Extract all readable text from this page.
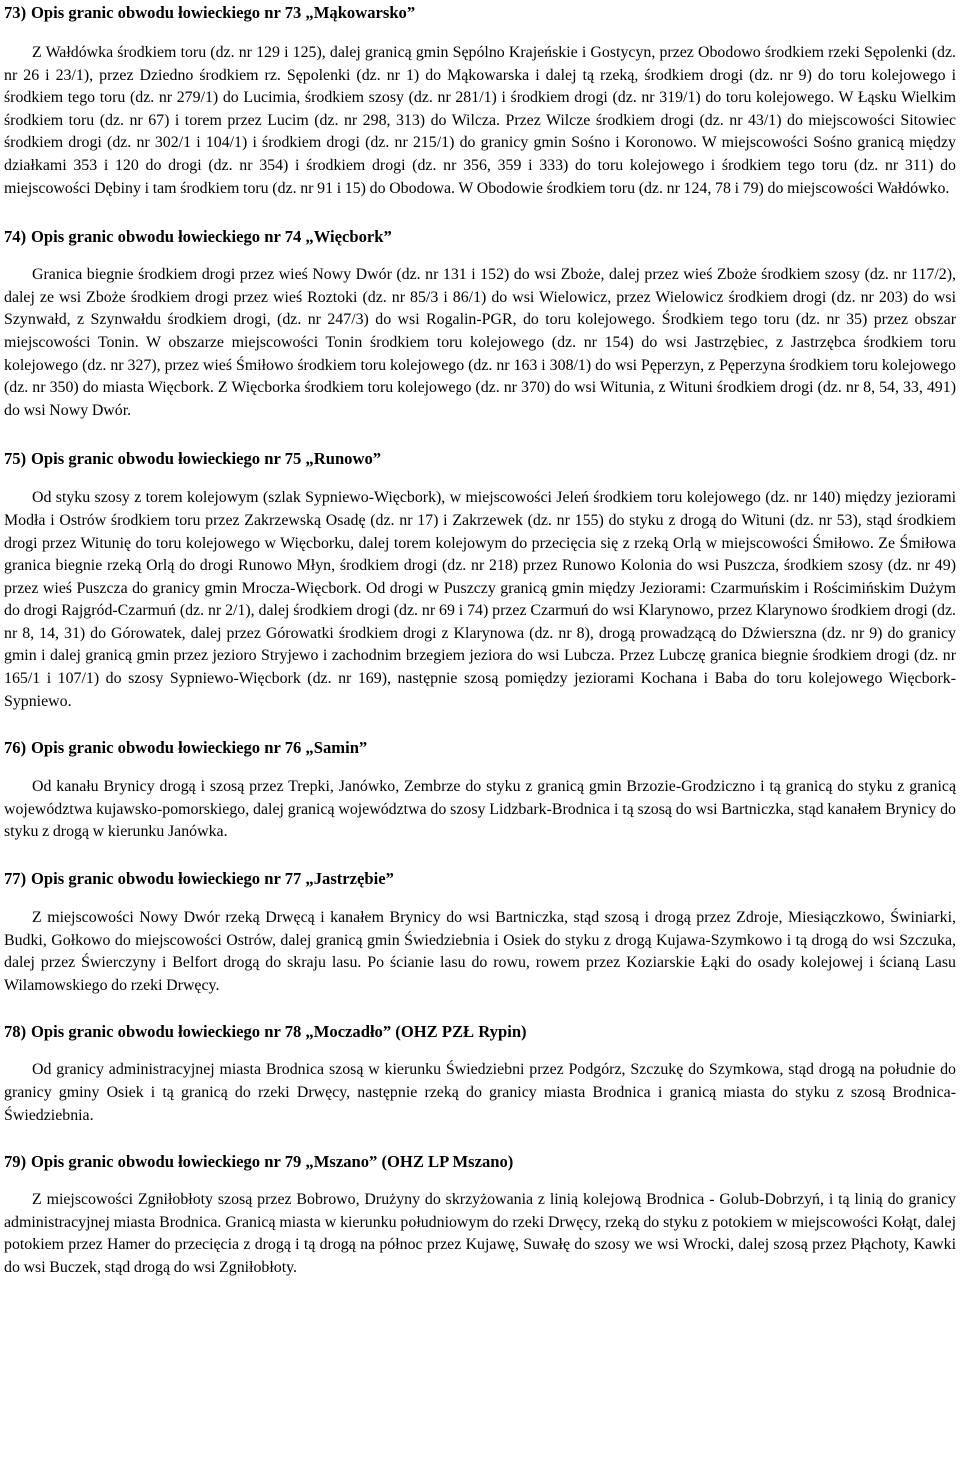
73) Opis granic obwodu łowieckiego nr 73 „Mąkowarsko”

Z Wałdówka środkiem toru (dz. nr 129 i 125), dalej granicą gmin Sępólno Krajeńskie i Gostycyn, przez Obodowo środkiem rzeki Sępolenki (dz. nr 26 i 23/1), przez Dziedno środkiem rz. Sępolenki (dz. nr 1) do Mąkowarska i dalej tą rzeką, środkiem drogi (dz. nr 9) do toru kolejowego i środkiem tego toru (dz. nr 279/1) do Lucimia, środkiem szosy (dz. nr 281/1) i środkiem drogi (dz. nr 319/1) do toru kolejowego. W Łąsku Wielkim środkiem toru (dz. nr 67) i torem przez Lucim (dz. nr 298, 313) do Wilcza. Przez Wilcze środkiem drogi (dz. nr 43/1) do miejscowości Sitowiec środkiem drogi (dz. nr 302/1 i 104/1) i środkiem drogi (dz. nr 215/1) do granicy gmin Sośno i Koronowo. W miejscowości Sośno granicą między działkami 353 i 120 do drogi (dz. nr 354) i środkiem drogi (dz. nr 356, 359 i 333) do toru kolejowego i środkiem tego toru (dz. nr 311) do miejscowości Dębiny i tam środkiem toru (dz. nr 91 i 15) do Obodowa. W Obodowie środkiem toru (dz. nr 124, 78 i 79) do miejscowości Wałdówko.

74) Opis granic obwodu łowieckiego nr 74 „Więcbork”

Granica biegnie środkiem drogi przez wieś Nowy Dwór (dz. nr 131 i 152) do wsi Zboże, dalej przez wieś Zboże środkiem szosy (dz. nr 117/2), dalej ze wsi Zboże środkiem drogi przez wieś Roztoki (dz. nr 85/3 i 86/1) do wsi Wielowicz, przez Wielowicz środkiem drogi (dz. nr 203) do wsi Szynwałd, z Szynwałdu środkiem drogi, (dz. nr 247/3) do wsi Rogalin-PGR, do toru kolejowego. Środkiem tego toru (dz. nr 35) przez obszar miejscowości Tonin. W obszarze miejscowości Tonin środkiem toru kolejowego (dz. nr 154) do wsi Jastrzębiec, z Jastrzębca środkiem toru kolejowego (dz. nr 327), przez wieś Śmiłowo środkiem toru kolejowego (dz. nr 163 i 308/1) do wsi Pęperzyn, z Pęperzyna środkiem toru kolejowego (dz. nr 350) do miasta Więcbork. Z Więcborka środkiem toru kolejowego (dz. nr 370) do wsi Witunia, z Wituni środkiem drogi (dz. nr 8, 54, 33, 491) do wsi Nowy Dwór.

75) Opis granic obwodu łowieckiego nr 75 „Runowo”

Od styku szosy z torem kolejowym (szlak Sypniewo-Więcbork), w miejscowości Jeleń środkiem toru kolejowego (dz. nr 140) między jeziorami Modła i Ostrów środkiem toru przez Zakrzewską Osadę (dz. nr 17) i Zakrzewek (dz. nr 155) do styku z drogą do Wituni (dz. nr 53), stąd środkiem drogi przez Witunię do toru kolejowego w Więcborku, dalej torem kolejowym do przecięcia się z rzeką Orlą w miejscowości Śmiłowo. Ze Śmiłowa granica biegnie rzeką Orlą do drogi Runowo Młyn, środkiem drogi (dz. nr 218) przez Runowo Kolonia do wsi Puszcza, środkiem szosy (dz. nr 49) przez wieś Puszcza do granicy gmin Mrocza-Więcbork. Od drogi w Puszczy granicą gmin między Jeziorami: Czarmuńskim i Rościmińskim Dużym do drogi Rajgród-Czarmuń (dz. nr 2/1), dalej środkiem drogi (dz. nr 69 i 74) przez Czarmuń do wsi Klarynowo, przez Klarynowo środkiem drogi (dz. nr 8, 14, 31) do Górowatek, dalej przez Górowatki środkiem drogi z Klarynowa (dz. nr 8), drogą prowadzącą do Dźwierszna (dz. nr 9) do granicy gmin i dalej granicą gmin przez jezioro Stryjewo i zachodnim brzegiem jeziora do wsi Lubcza. Przez Lubczę granica biegnie środkiem drogi (dz. nr 165/1 i 107/1) do szosy Sypniewo-Więcbork (dz. nr 169), następnie szosą pomiędzy jeziorami Kochana i Baba do toru kolejowego Więcbork-Sypniewo.

76) Opis granic obwodu łowieckiego nr 76 „Samin”

Od kanału Brynicy drogą i szosą przez Trepki, Janówko, Zembrze do styku z granicą gmin Brzozie-Grodziczno i tą granicą do styku z granicą województwa kujawsko-pomorskiego, dalej granicą województwa do szosy Lidzbark-Brodnica i tą szosą do wsi Bartniczka, stąd kanałem Brynicy do styku z drogą w kierunku Janówka.

77) Opis granic obwodu łowieckiego nr 77 „Jastrzębie”

Z miejscowości Nowy Dwór rzeką Drwęcą i kanałem Brynicy do wsi Bartniczka, stąd szosą i drogą przez Zdroje, Miesiączkowo, Świniarki, Budki, Gołkowo do miejscowości Ostrów, dalej granicą gmin Świedziebnia i Osiek do styku z drogą Kujawa-Szymkowo i tą drogą do wsi Szczuka, dalej przez Świerczyny i Belfort drogą do skraju lasu. Po ścianie lasu do rowu, rowem przez Koziarskie Łąki do osady kolejowej i ścianą Lasu Wilamowskiego do rzeki Drwęcy.

78) Opis granic obwodu łowieckiego nr 78 „Moczadło” (OHZ PZŁ Rypin)

Od granicy administracyjnej miasta Brodnica szosą w kierunku Świedziebni przez Podgórz, Szczukę do Szymkowa, stąd drogą na południe do granicy gminy Osiek i tą granicą do rzeki Drwęcy, następnie rzeką do granicy miasta Brodnica i granicą miasta do styku z szosą Brodnica-Świedziebnia.

79) Opis granic obwodu łowieckiego nr 79 „Mszano” (OHZ LP Mszano)

Z miejscowości Zgniłobłoty szosą przez Bobrowo, Drużyny do skrzyżowania z linią kolejową Brodnica - Golub-Dobrzyń, i tą linią do granicy administracyjnej miasta Brodnica. Granicą miasta w kierunku południowym do rzeki Drwęcy, rzeką do styku z potokiem w miejscowości Kołąt, dalej potokiem przez Hamer do przecięcia z drogą i tą drogą na północ przez Kujawę, Suwałę do szosy we wsi Wrocki, dalej szosą przez Płąchoty, Kawki do wsi Buczek, stąd drogą do wsi Zgniłobłoty.
